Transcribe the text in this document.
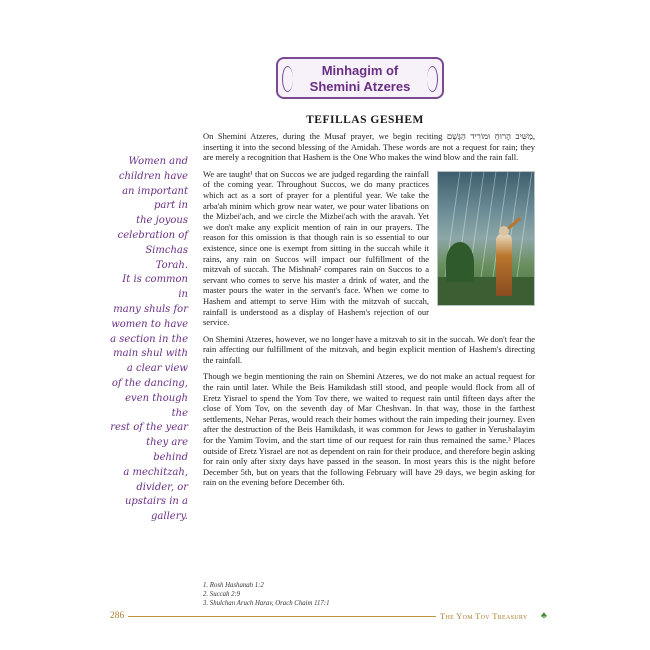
Minhagim of
Shemini Atzeres
TEFILLAS GESHEM
Women and
children have
an important
part in
the joyous
celebration of
Simchas Torah.
It is common in
many shuls for
women to have
a section in the
main shul with
a clear view
of the dancing,
even though the
rest of the year
they are behind
a mechitzah,
divider, or
upstairs in a
gallery.

On Shemini Atzeres, during the Musaf prayer, we begin reciting מַשִּׁיב הָרוּחַ וּמוֹרִיד הַגָּשֶׁם, inserting it into the second blessing of the Amidah. These words are not a request for rain; they are merely a recognition that Hashem is the One Who makes the wind blow and the rain fall.

We are taught¹ that on Succos we are judged regarding the rainfall of the coming year. Throughout Succos, we do many practices which act as a sort of prayer for a plentiful year. We take the arba'ah minim which grow near water, we pour water libations on the Mizbei'ach, and we circle the Mizbei'ach with the aravah. Yet we don't make any explicit mention of rain in our prayers. The reason for this omission is that though rain is so essential to our existence, since one is exempt from sitting in the succah while it rains, any rain on Succos will impact our fulfillment of the mitzvah of succah. The Mishnah² compares rain on Succos to a servant who comes to serve his master a drink of water, and the master pours the water in the servant's face. When we come to Hashem and attempt to serve Him with the mitzvah of succah, rainfall is understood as a display of Hashem's rejection of our service.

On Shemini Atzeres, however, we no longer have a mitzvah to sit in the succah. We don't fear the rain affecting our fulfillment of the mitzvah, and begin explicit mention of Hashem's directing the rainfall.

Though we begin mentioning the rain on Shemini Atzeres, we do not make an actual request for the rain until later. While the Beis Hamikdash still stood, and people would flock from all of Eretz Yisrael to spend the Yom Tov there, we waited to request rain until fifteen days after the close of Yom Tov, on the seventh day of Mar Cheshvan. In that way, those in the farthest settlements, Nehar Peras, would reach their homes without the rain impeding their journey. Even after the destruction of the Beis Hamikdash, it was common for Jews to gather in Yerushalayim for the Yamim Tovim, and the start time of our request for rain thus remained the same.³ Places outside of Eretz Yisrael are not as dependent on rain for their produce, and therefore begin asking for rain only after sixty days have passed in the season. In most years this is the night before December 5th, but on years that the following February will have 29 days, we begin asking for rain on the evening before December 6th.

1. Rosh Hashanah 1:2
2. Succah 2:9
3. Shulchan Aruch Harav, Orach Chaim 117:1
286	The Yom Tov Treasury ♣
